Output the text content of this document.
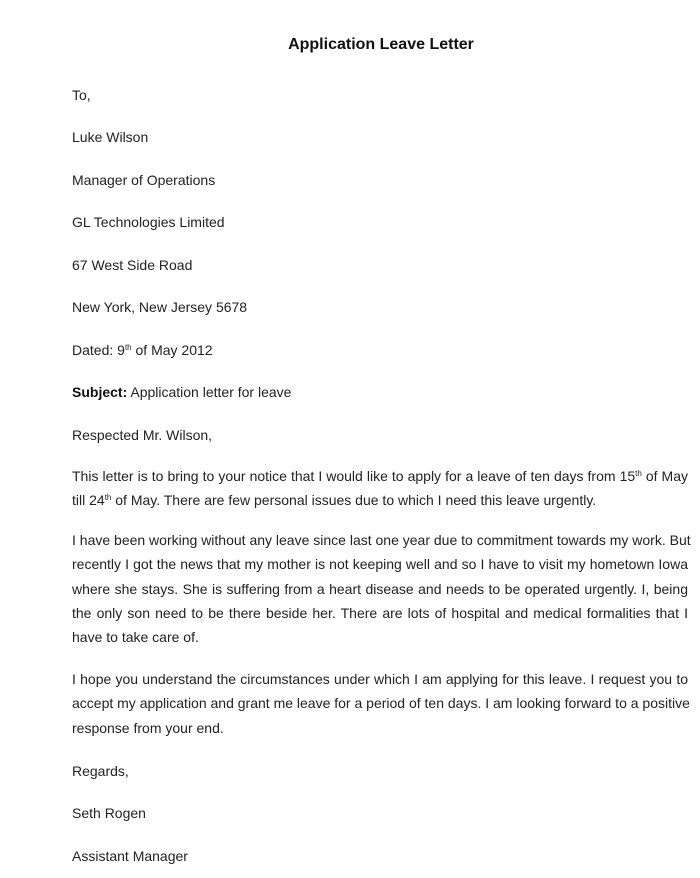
Application Leave Letter
To,
Luke Wilson
Manager of Operations
GL Technologies Limited
67 West Side Road
New York, New Jersey 5678
Dated: 9th of May 2012
Subject: Application letter for leave
Respected Mr. Wilson,
This letter is to bring to your notice that I would like to apply for a leave of ten days from 15th of May
till 24th of May. There are few personal issues due to which I need this leave urgently.
I have been working without any leave since last one year due to commitment towards my work. But
recently I got the news that my mother is not keeping well and so I have to visit my hometown Iowa
where she stays. She is suffering from a heart disease and needs to be operated urgently. I, being
the only son need to be there beside her. There are lots of hospital and medical formalities that I
have to take care of.
I hope you understand the circumstances under which I am applying for this leave. I request you to
accept my application and grant me leave for a period of ten days. I am looking forward to a positive
response from your end.
Regards,
Seth Rogen
Assistant Manager
